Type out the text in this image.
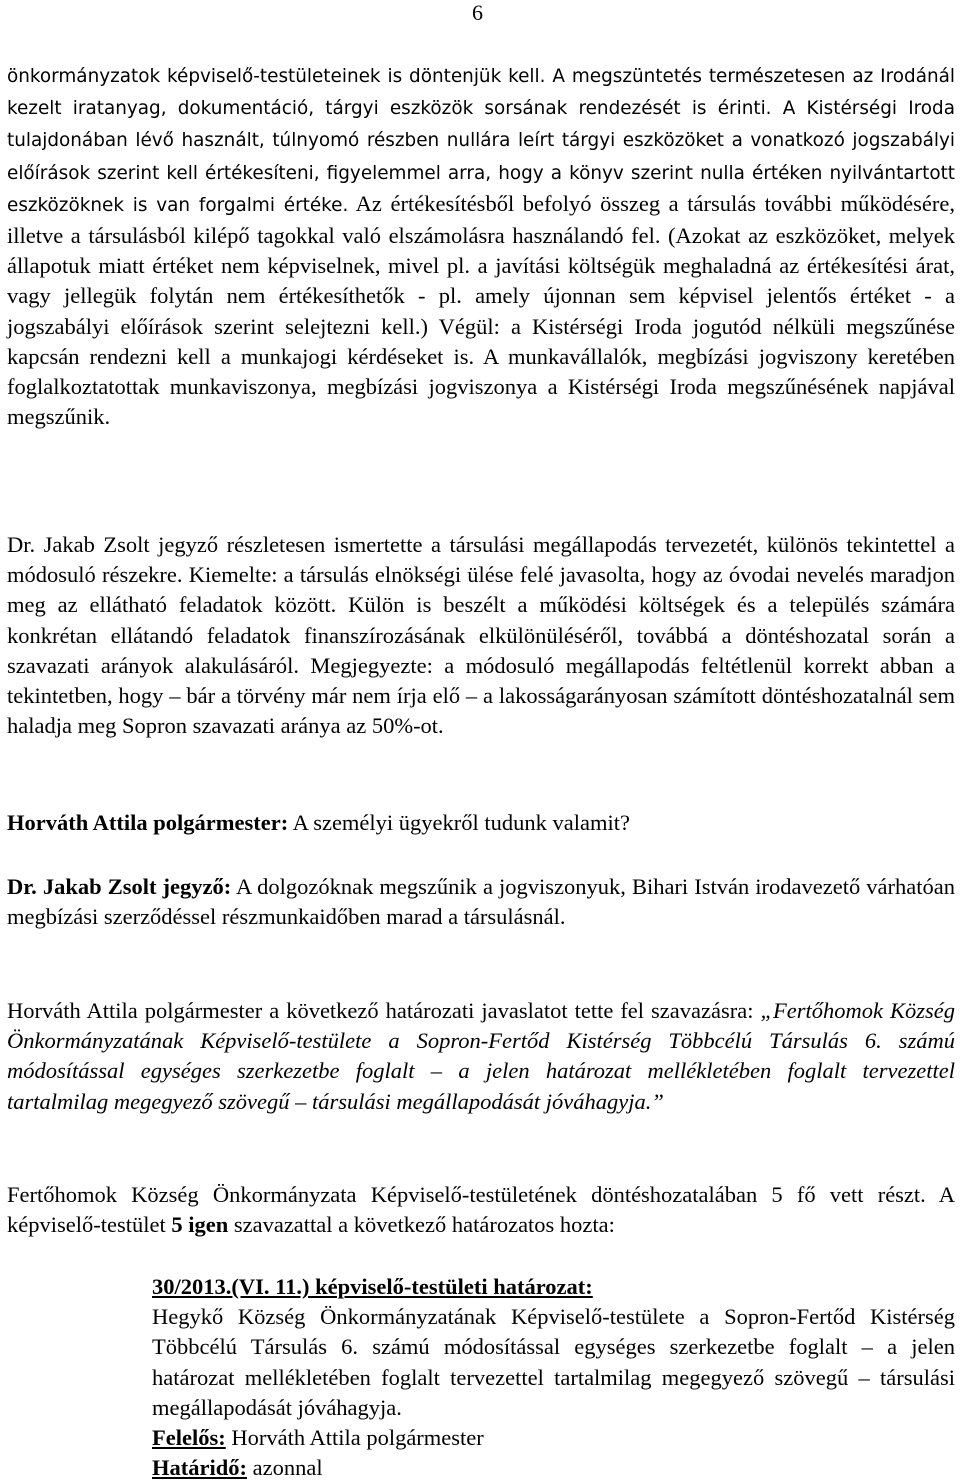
6

önkormányzatok képviselő-testületeinek is döntenjük kell. A megszüntetés természetesen az Irodánál kezelt iratanyag, dokumentáció, tárgyi eszközök sorsának rendezését is érinti. A Kistérségi Iroda tulajdonában lévő használt, túlnyomó részben nullára leírt tárgyi eszközöket a vonatkozó jogszabályi előírások szerint kell értékesíteni, figyelemmel arra, hogy a könyv szerint nulla értéken nyilvántartott eszközöknek is van forgalmi értéke. Az értékesítésből befolyó összeg a társulás további működésére, illetve a társulásból kilépő tagokkal való elszámolásra használandó fel. (Azokat az eszközöket, melyek állapotuk miatt értéket nem képviselnek, mivel pl. a javítási költségük meghaladná az értékesítési árat, vagy jellegük folytán nem értékesíthetők - pl. amely újonnan sem képvisel jelentős értéket - a jogszabályi előírások szerint selejtezni kell.) Végül: a Kistérségi Iroda jogutód nélküli megszűnése kapcsán rendezni kell a munkajogi kérdéseket is. A munkavállalók, megbízási jogviszony keretében foglalkoztatottak munkaviszonya, megbízási jogviszonya a Kistérségi Iroda megszűnésének napjával megszűnik.

Dr. Jakab Zsolt jegyző részletesen ismertette a társulási megállapodás tervezetét, különös tekintettel a módosuló részekre. Kiemelte: a társulás elnökségi ülése felé javasolta, hogy az óvodai nevelés maradjon meg az ellátható feladatok között. Külön is beszélt a működési költségek és a település számára konkrétan ellátandó feladatok finanszírozásának elkülönüléséről, továbbá a döntéshozatal során a szavazati arányok alakulásáról. Megjegyezte: a módosuló megállapodás feltétlenül korrekt abban a tekintetben, hogy – bár a törvény már nem írja elő – a lakosságarányosan számított döntéshozatalnál sem haladja meg Sopron szavazati aránya az 50%-ot.

Horváth Attila polgármester: A személyi ügyekről tudunk valamit?

Dr. Jakab Zsolt jegyző: A dolgozóknak megszűnik a jogviszonyuk, Bihari István irodavezető várhatóan megbízási szerződéssel részmunkaidőben marad a társulásnál.

Horváth Attila polgármester a következő határozati javaslatot tette fel szavazásra: „Fertőhomok Község Önkormányzatának Képviselő-testülete a Sopron-Fertőd Kistérség Többcélú Társulás 6. számú módosítással egységes szerkezetbe foglalt – a jelen határozat mellékletében foglalt tervezettel tartalmilag megegyező szövegű – társulási megállapodását jóváhagyja.”

Fertőhomok Község Önkormányzata Képviselő-testületének döntéshozatalában 5 fő vett részt. A képviselő-testület 5 igen szavazattal a következő határozatos hozta:

30/2013.(VI. 11.) képviselő-testületi határozat:
Hegykő Község Önkormányzatának Képviselő-testülete a Sopron-Fertőd Kistérség Többcélú Társulás 6. számú módosítással egységes szerkezetbe foglalt – a jelen határozat mellékletében foglalt tervezettel tartalmilag megegyező szövegű – társulási megállapodását jóváhagyja.
Felelős: Horváth Attila polgármester
Határidő: azonnal
